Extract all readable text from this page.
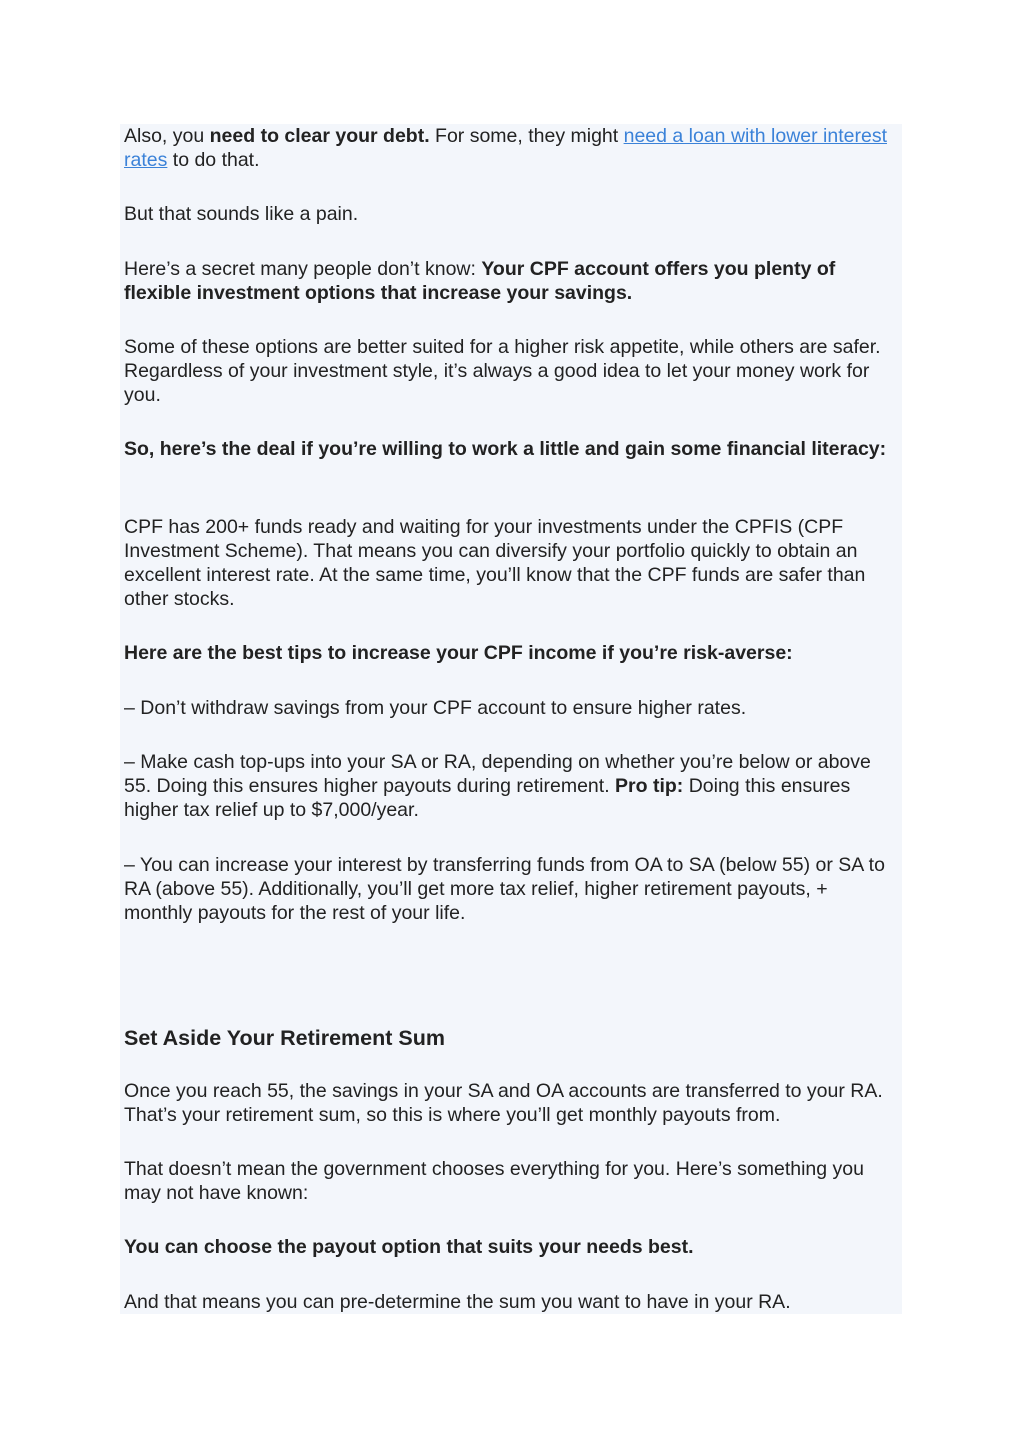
Also, you need to clear your debt. For some, they might need a loan with lower interest rates to do that.

But that sounds like a pain.

Here’s a secret many people don’t know: Your CPF account offers you plenty of flexible investment options that increase your savings.

Some of these options are better suited for a higher risk appetite, while others are safer. Regardless of your investment style, it’s always a good idea to let your money work for you.

So, here’s the deal if you’re willing to work a little and gain some financial literacy:

CPF has 200+ funds ready and waiting for your investments under the CPFIS (CPF Investment Scheme). That means you can diversify your portfolio quickly to obtain an excellent interest rate. At the same time, you’ll know that the CPF funds are safer than other stocks.

Here are the best tips to increase your CPF income if you’re risk-averse:

– Don’t withdraw savings from your CPF account to ensure higher rates.

– Make cash top-ups into your SA or RA, depending on whether you’re below or above 55. Doing this ensures higher payouts during retirement. Pro tip: Doing this ensures higher tax relief up to $7,000/year.

– You can increase your interest by transferring funds from OA to SA (below 55) or SA to RA (above 55). Additionally, you’ll get more tax relief, higher retirement payouts, + monthly payouts for the rest of your life.

Set Aside Your Retirement Sum

Once you reach 55, the savings in your SA and OA accounts are transferred to your RA. That’s your retirement sum, so this is where you’ll get monthly payouts from.

That doesn’t mean the government chooses everything for you. Here’s something you may not have known:

You can choose the payout option that suits your needs best.

And that means you can pre-determine the sum you want to have in your RA.
